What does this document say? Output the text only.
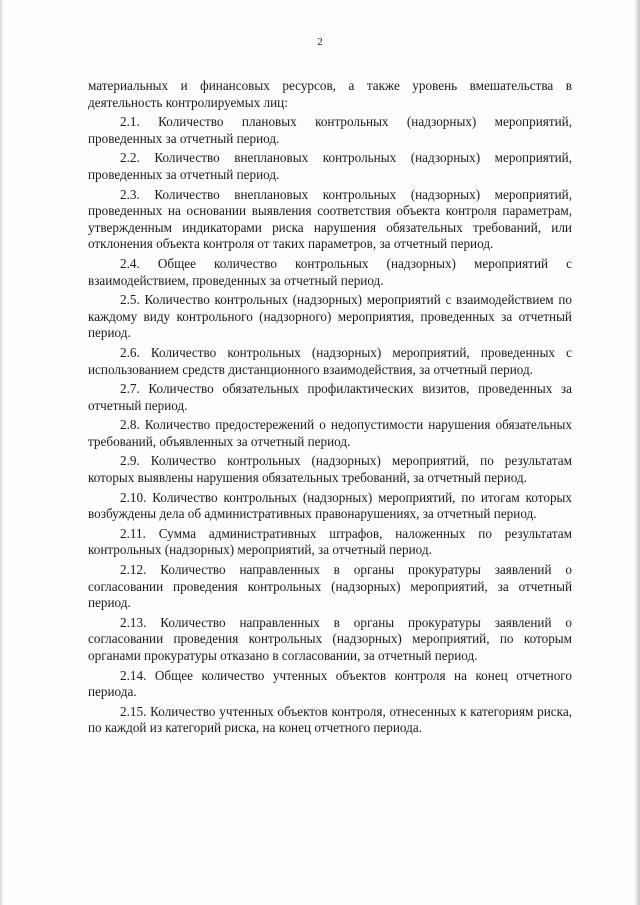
2

материальных и финансовых ресурсов, а также уровень вмешательства в деятельность контролируемых лиц:

2.1. Количество плановых контрольных (надзорных) мероприятий, проведенных за отчетный период.

2.2. Количество внеплановых контрольных (надзорных) мероприятий, проведенных за отчетный период.

2.3. Количество внеплановых контрольных (надзорных) мероприятий, проведенных на основании выявления соответствия объекта контроля параметрам, утвержденным индикаторами риска нарушения обязательных требований, или отклонения объекта контроля от таких параметров, за отчетный период.

2.4. Общее количество контрольных (надзорных) мероприятий с взаимодействием, проведенных за отчетный период.

2.5. Количество контрольных (надзорных) мероприятий с взаимодействием по каждому виду контрольного (надзорного) мероприятия, проведенных за отчетный период.

2.6. Количество контрольных (надзорных) мероприятий, проведенных с использованием средств дистанционного взаимодействия, за отчетный период.

2.7. Количество обязательных профилактических визитов, проведенных за отчетный период.

2.8. Количество предостережений о недопустимости нарушения обязательных требований, объявленных за отчетный период.

2.9. Количество контрольных (надзорных) мероприятий, по результатам которых выявлены нарушения обязательных требований, за отчетный период.

2.10. Количество контрольных (надзорных) мероприятий, по итогам которых возбуждены дела об административных правонарушениях, за отчетный период.

2.11. Сумма административных штрафов, наложенных по результатам контрольных (надзорных) мероприятий, за отчетный период.

2.12. Количество направленных в органы прокуратуры заявлений о согласовании проведения контрольных (надзорных) мероприятий, за отчетный период.

2.13. Количество направленных в органы прокуратуры заявлений о согласовании проведения контрольных (надзорных) мероприятий, по которым органами прокуратуры отказано в согласовании, за отчетный период.

2.14. Общее количество учтенных объектов контроля на конец отчетного периода.

2.15. Количество учтенных объектов контроля, отнесенных к категориям риска, по каждой из категорий риска, на конец отчетного периода.
